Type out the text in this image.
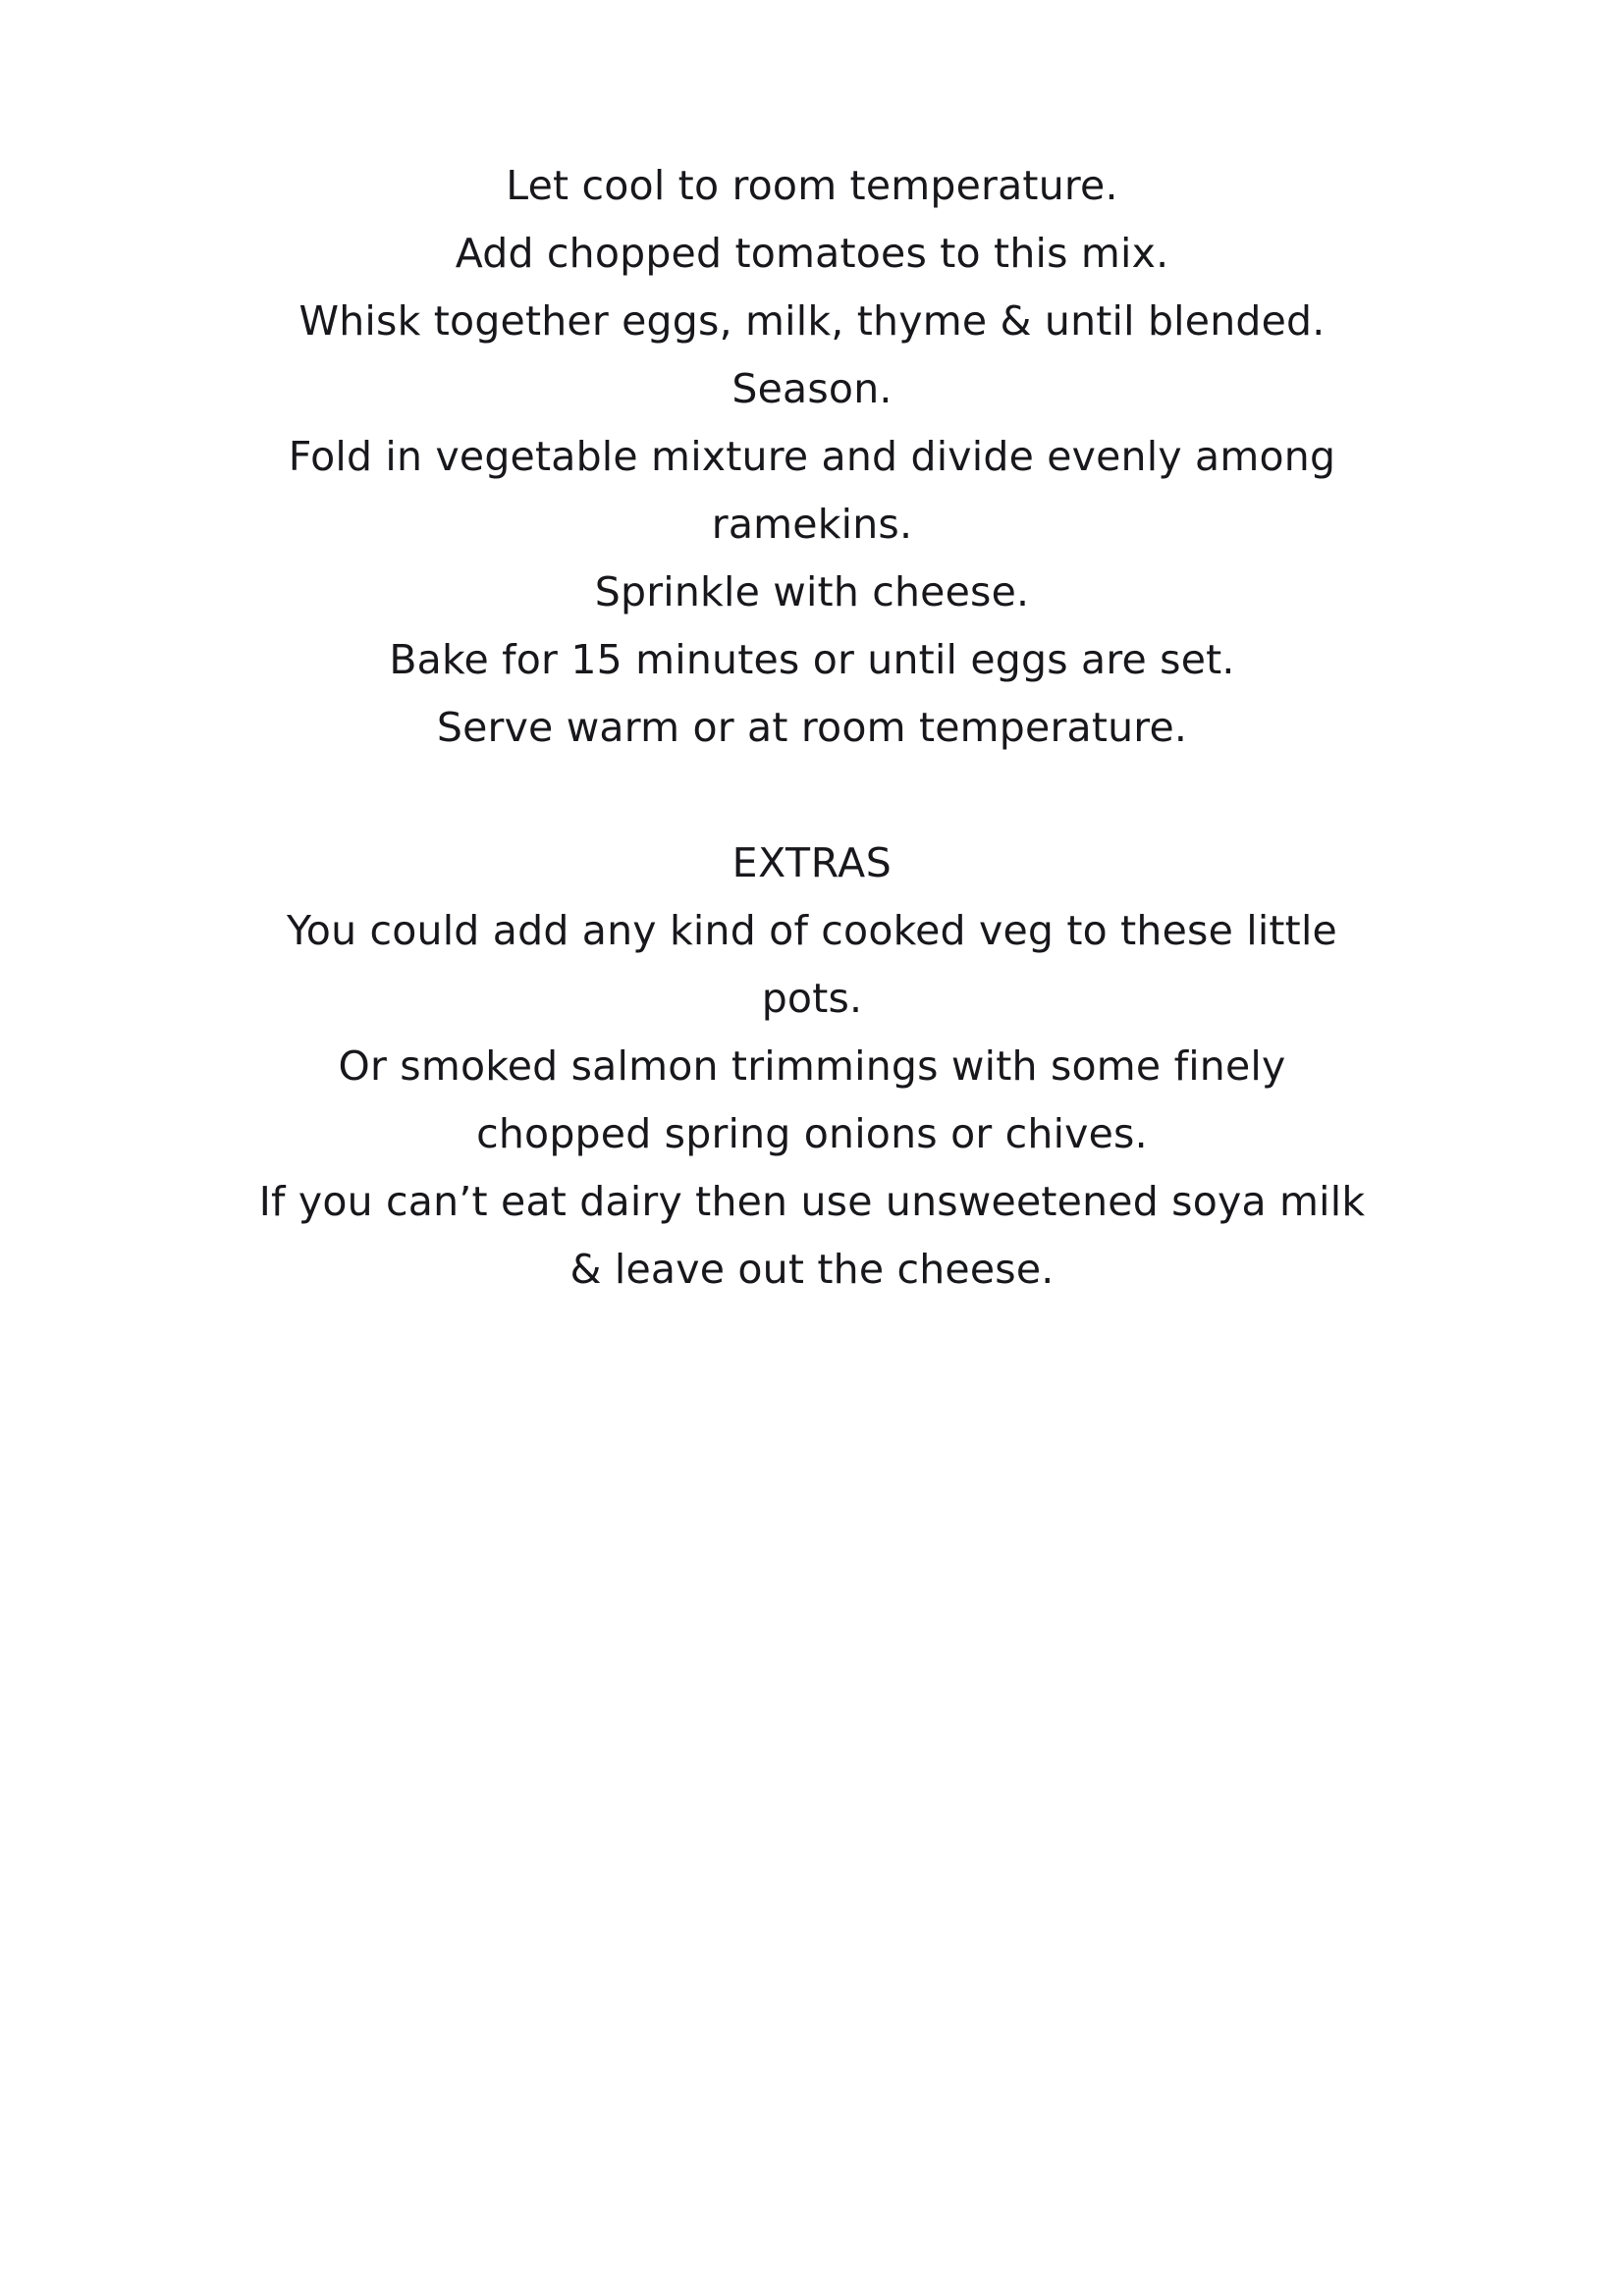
Let cool to room temperature.
Add chopped tomatoes to this mix.
Whisk together eggs, milk, thyme & until blended.
Season.
Fold in vegetable mixture and divide evenly among
ramekins.
Sprinkle with cheese.
Bake for 15 minutes or until eggs are set.
Serve warm or at room temperature.
EXTRAS
You could add any kind of cooked veg to these little
pots.
Or smoked salmon trimmings with some finely
chopped spring onions or chives.
If you can’t eat dairy then use unsweetened soya milk
& leave out the cheese.
